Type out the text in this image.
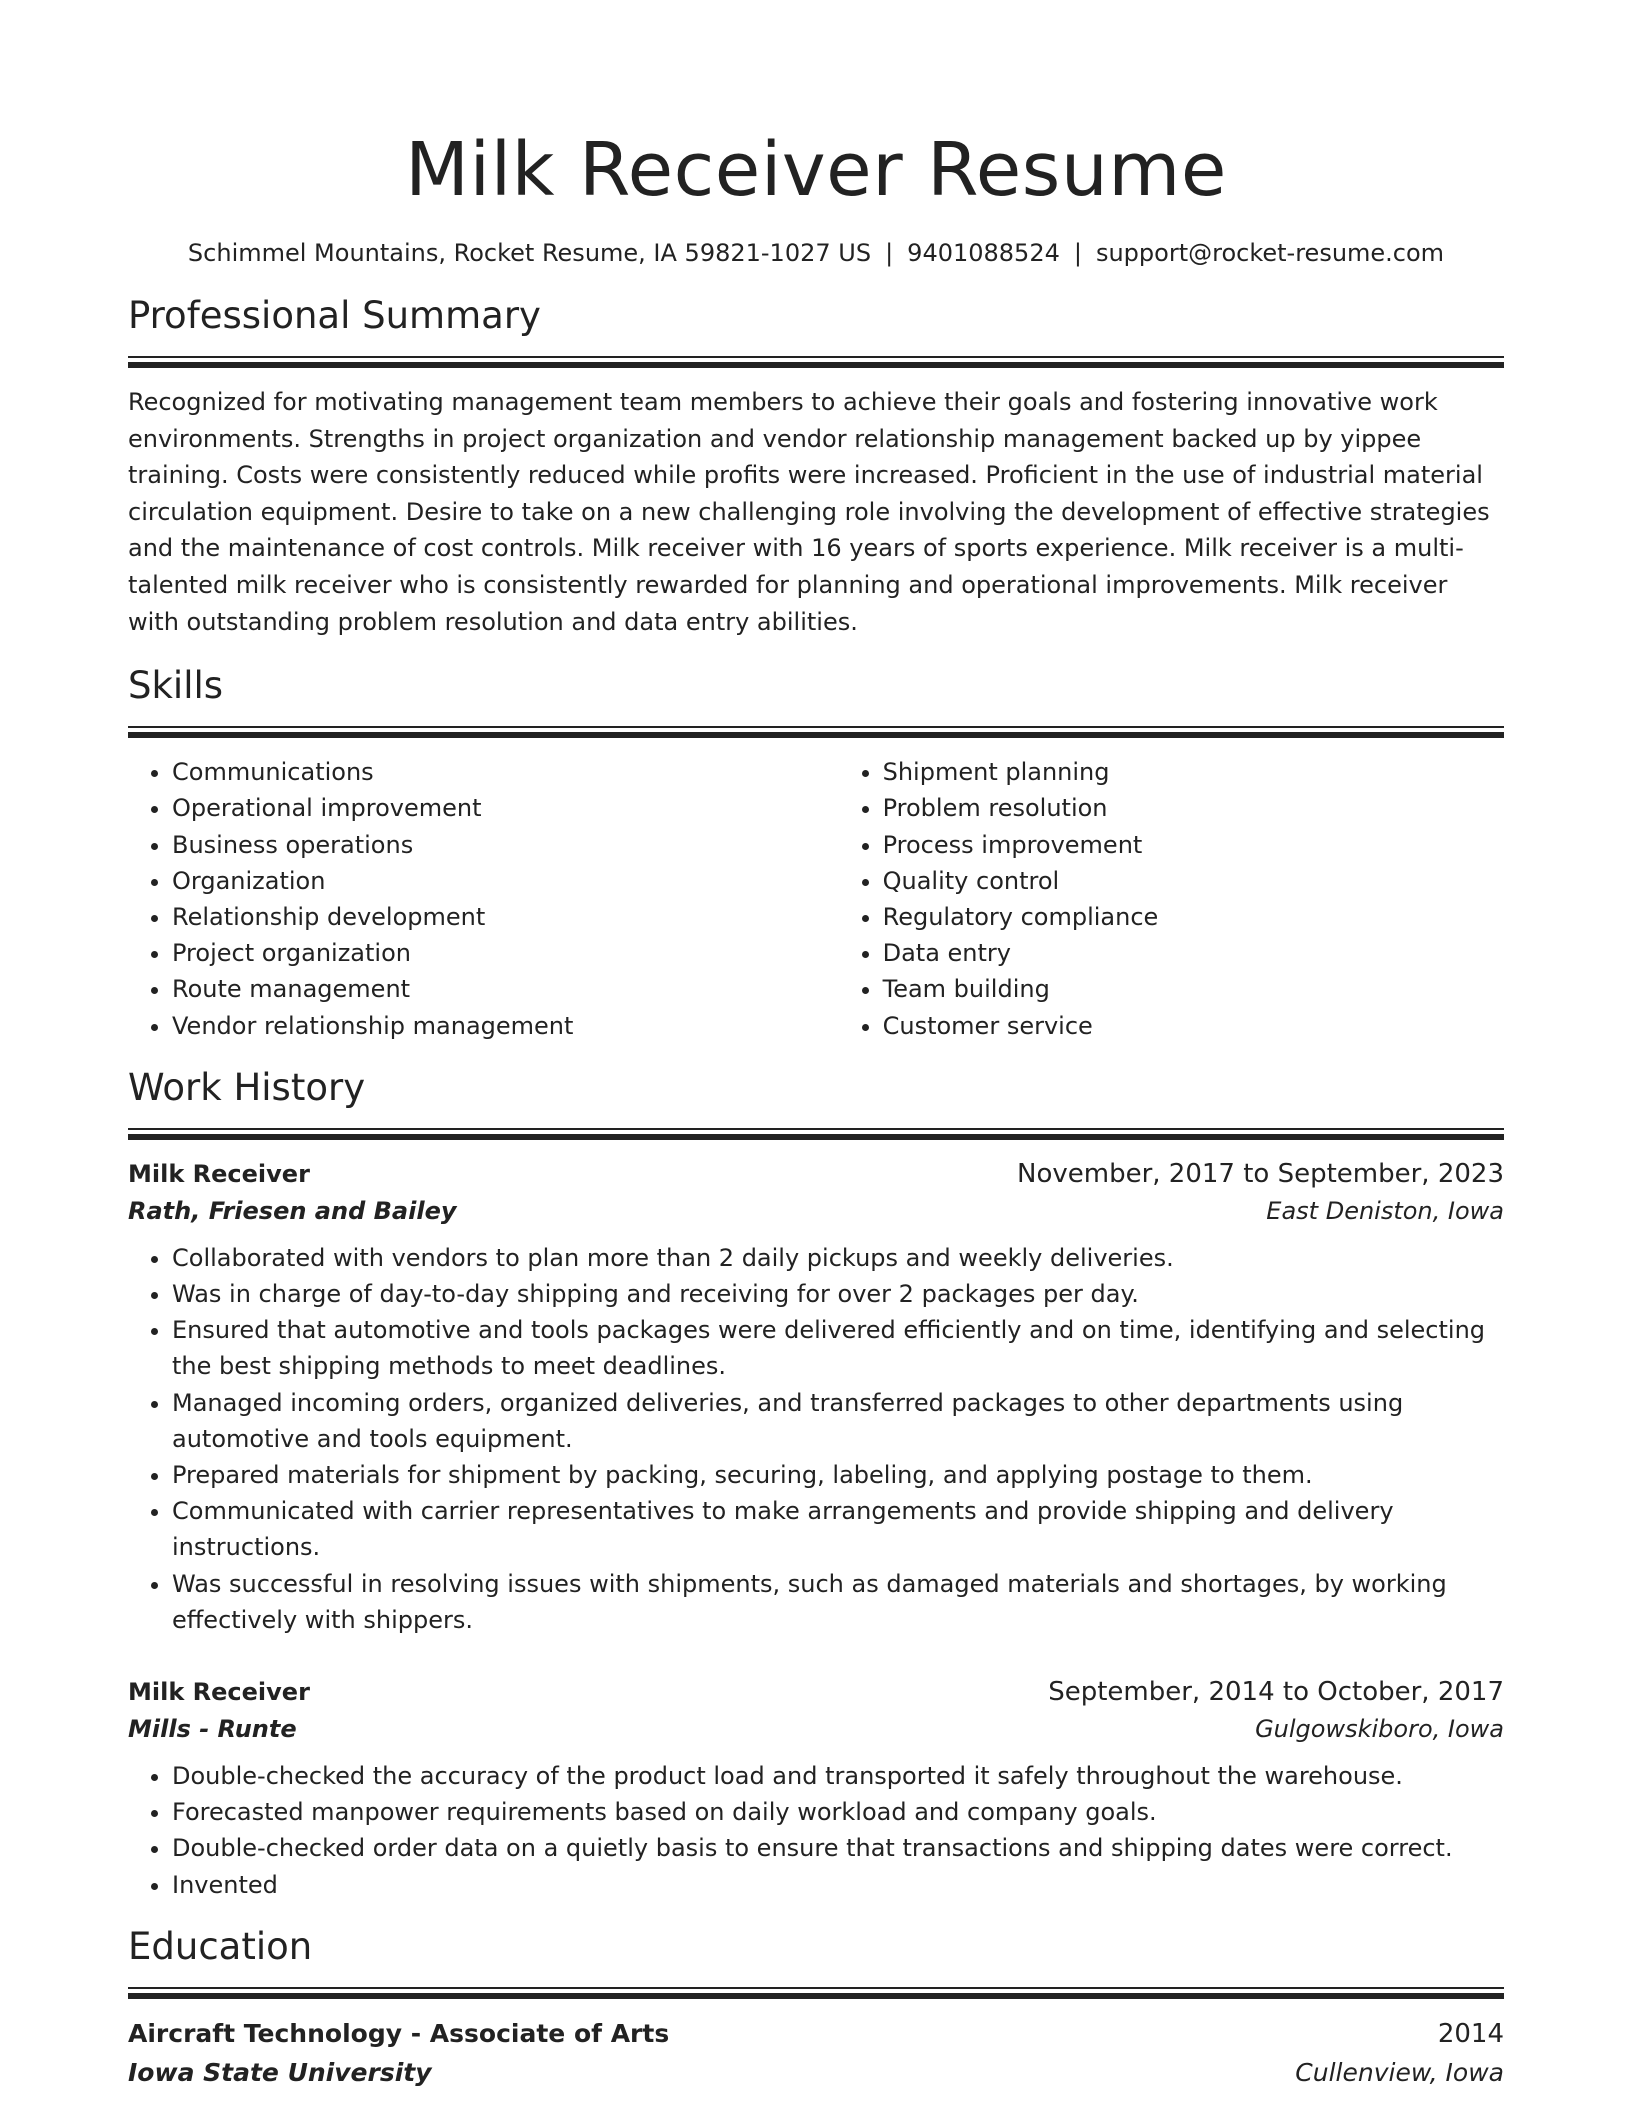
Milk Receiver Resume
Schimmel Mountains, Rocket Resume, IA 59821-1027 US | 9401088524 | support@rocket-resume.com
Professional Summary

Recognized for motivating management team members to achieve their goals and fostering innovative work environments. Strengths in project organization and vendor relationship management backed up by yippee training. Costs were consistently reduced while profits were increased. Proficient in the use of industrial material circulation equipment. Desire to take on a new challenging role involving the development of effective strategies and the maintenance of cost controls. Milk receiver with 16 years of sports experience. Milk receiver is a multi-talented milk receiver who is consistently rewarded for planning and operational improvements. Milk receiver with outstanding problem resolution and data entry abilities.

Skills
• Communications
• Operational improvement
• Business operations
• Organization
• Relationship development
• Project organization
• Route management
• Vendor relationship management
• Shipment planning
• Problem resolution
• Process improvement
• Quality control
• Regulatory compliance
• Data entry
• Team building
• Customer service
Work History
Milk Receiver	November, 2017 to September, 2023
Rath, Friesen and Bailey	East Deniston, Iowa
• Collaborated with vendors to plan more than 2 daily pickups and weekly deliveries.
• Was in charge of day-to-day shipping and receiving for over 2 packages per day.
• Ensured that automotive and tools packages were delivered efficiently and on time, identifying and selecting the best shipping methods to meet deadlines.
• Managed incoming orders, organized deliveries, and transferred packages to other departments using automotive and tools equipment.
• Prepared materials for shipment by packing, securing, labeling, and applying postage to them.
• Communicated with carrier representatives to make arrangements and provide shipping and delivery instructions.
• Was successful in resolving issues with shipments, such as damaged materials and shortages, by working effectively with shippers.
Milk Receiver	September, 2014 to October, 2017
Mills - Runte	Gulgowskiboro, Iowa
• Double-checked the accuracy of the product load and transported it safely throughout the warehouse.
• Forecasted manpower requirements based on daily workload and company goals.
• Double-checked order data on a quietly basis to ensure that transactions and shipping dates were correct.
• Invented
Education
Aircraft Technology - Associate of Arts	2014
Iowa State University	Cullenview, Iowa
